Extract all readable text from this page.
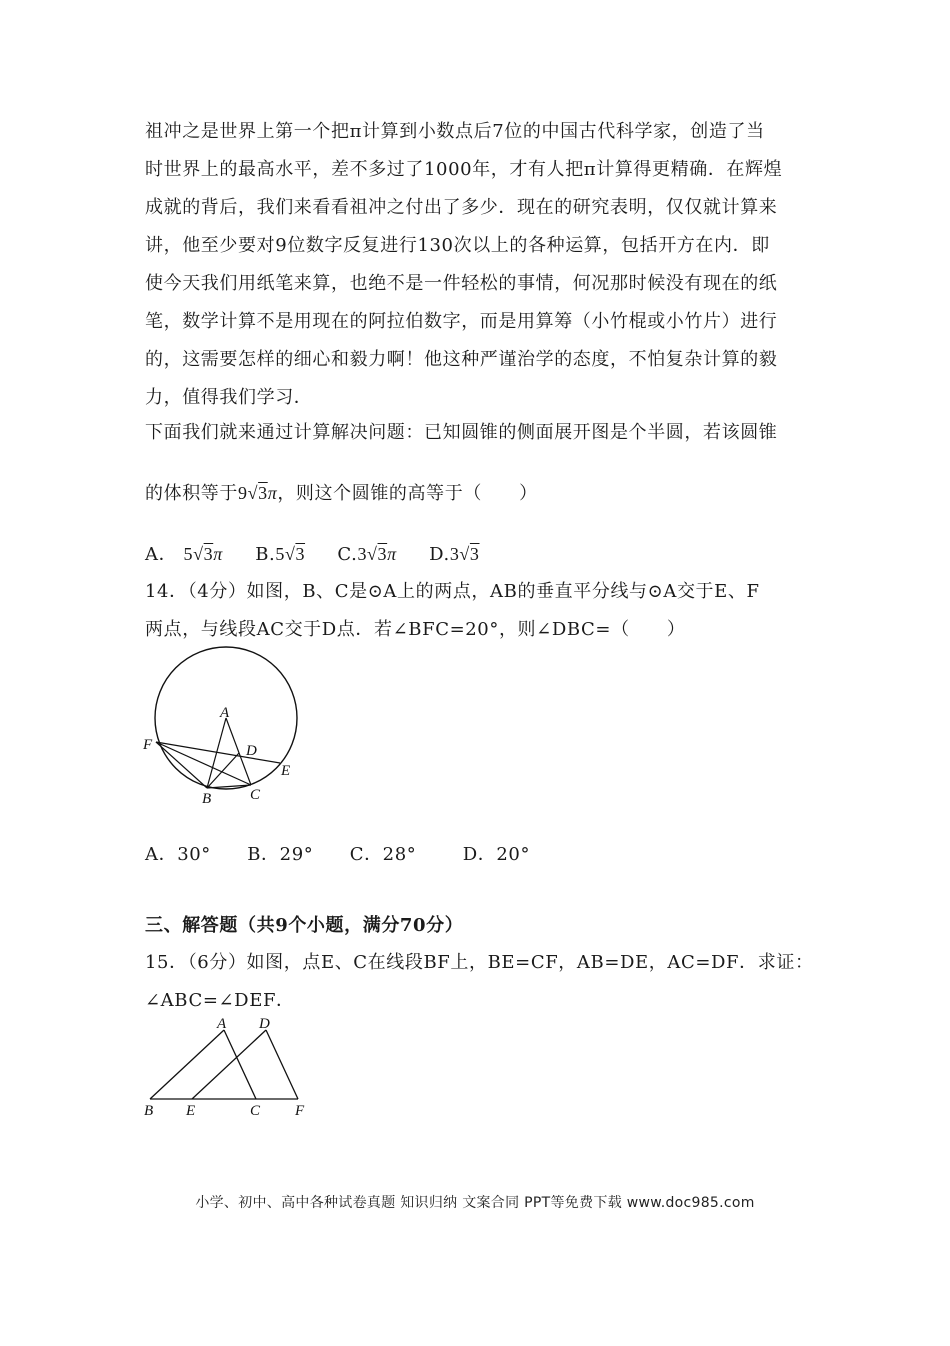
祖冲之是世界上第一个把π计算到小数点后7位的中国古代科学家，创造了当
时世界上的最高水平，差不多过了1000年，才有人把π计算得更精确．在辉煌
成就的背后，我们来看看祖冲之付出了多少．现在的研究表明，仅仅就计算来
讲，他至少要对9位数字反复进行130次以上的各种运算，包括开方在内．即
使今天我们用纸笔来算，也绝不是一件轻松的事情，何况那时候没有现在的纸
笔，数学计算不是用现在的阿拉伯数字，而是用算筹（小竹棍或小竹片）进行
的，这需要怎样的细心和毅力啊！他这种严谨治学的态度，不怕复杂计算的毅
力，值得我们学习．
下面我们就来通过计算解决问题：已知圆锥的侧面展开图是个半圆，若该圆锥
的体积等于9√3π，则这个圆锥的高等于（　　）
A． 5√3π B.5√3 C.3√3π D.3√3
14．（4分）如图，B、C是⊙A上的两点，AB的垂直平分线与⊙A交于E、F
两点，与线段AC交于D点．若∠BFC=20°，则∠DBC=（　　）
A
B	C
D
E
F
A．30° B．29° C．28°	D．20°
三、解答题（共9个小题，满分70分）
15．（6分）如图，点E、C在线段BF上，BE=CF，AB=DE，AC=DF．求证：
∠ABC=∠DEF．
A D
B E	C F
小学、初中、高中各种试卷真题 知识归纳 文案合同 PPT等免费下载 www.doc985.com
